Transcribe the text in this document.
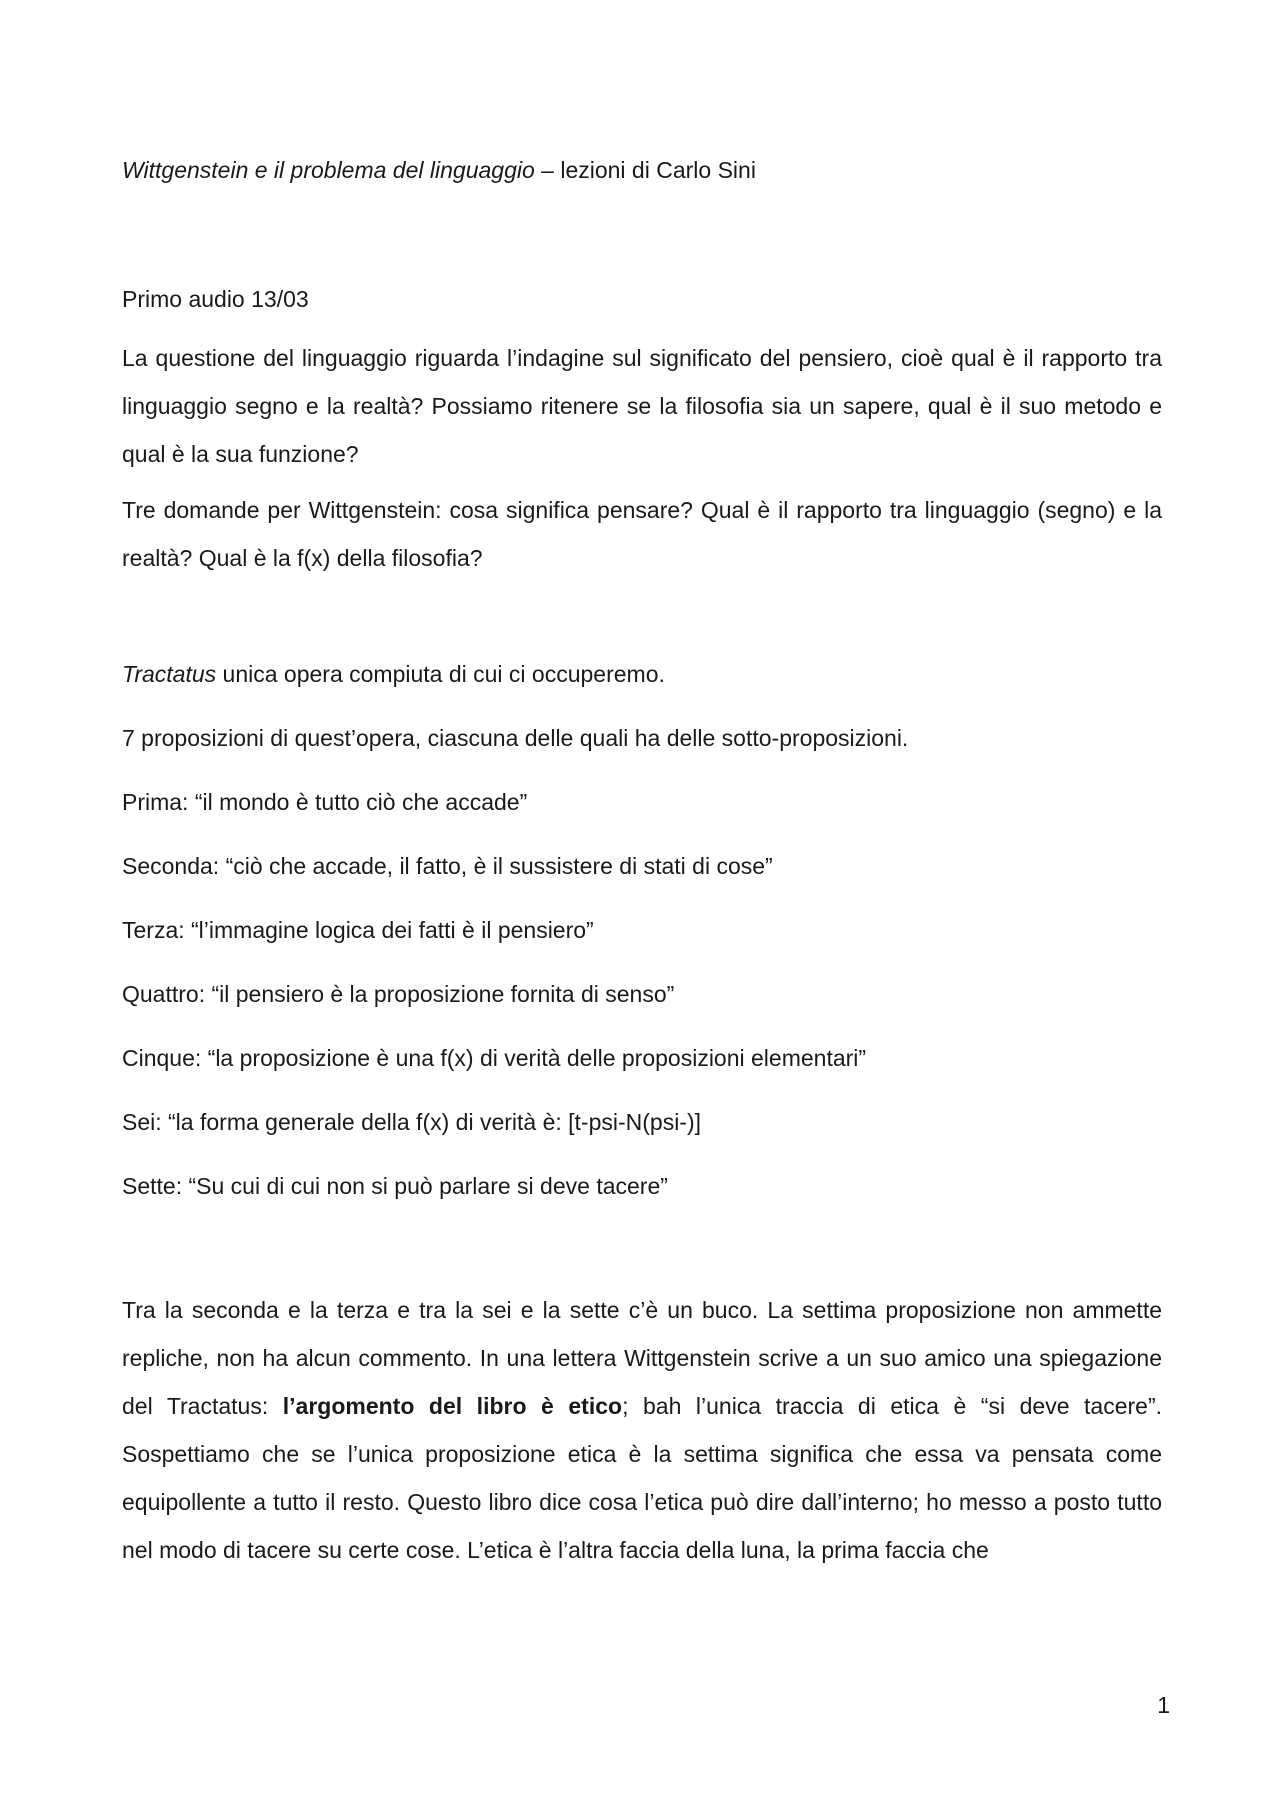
Wittgenstein e il problema del linguaggio – lezioni di Carlo Sini

Primo audio 13/03

La questione del linguaggio riguarda l’indagine sul significato del pensiero, cioè qual è il rapporto tra linguaggio segno e la realtà? Possiamo ritenere se la filosofia sia un sapere, qual è il suo metodo e qual è la sua funzione?

Tre domande per Wittgenstein: cosa significa pensare? Qual è il rapporto tra linguaggio (segno) e la realtà? Qual è la f(x) della filosofia?

Tractatus unica opera compiuta di cui ci occuperemo.

7 proposizioni di quest’opera, ciascuna delle quali ha delle sotto-proposizioni.

Prima: “il mondo è tutto ciò che accade”

Seconda: “ciò che accade, il fatto, è il sussistere di stati di cose”

Terza: “l’immagine logica dei fatti è il pensiero”

Quattro: “il pensiero è la proposizione fornita di senso”

Cinque: “la proposizione è una f(x) di verità delle proposizioni elementari”

Sei: “la forma generale della f(x) di verità è: [t-psi-N(psi-)]

Sette: “Su cui di cui non si può parlare si deve tacere”

Tra la seconda e la terza e tra la sei e la sette c’è un buco. La settima proposizione non ammette repliche, non ha alcun commento. In una lettera Wittgenstein scrive a un suo amico una spiegazione del Tractatus: l’argomento del libro è etico; bah l’unica traccia di etica è “si deve tacere”. Sospettiamo che se l’unica proposizione etica è la settima significa che essa va pensata come equipollente a tutto il resto. Questo libro dice cosa l’etica può dire dall’interno; ho messo a posto tutto nel modo di tacere su certe cose. L’etica è l’altra faccia della luna, la prima faccia che

1
